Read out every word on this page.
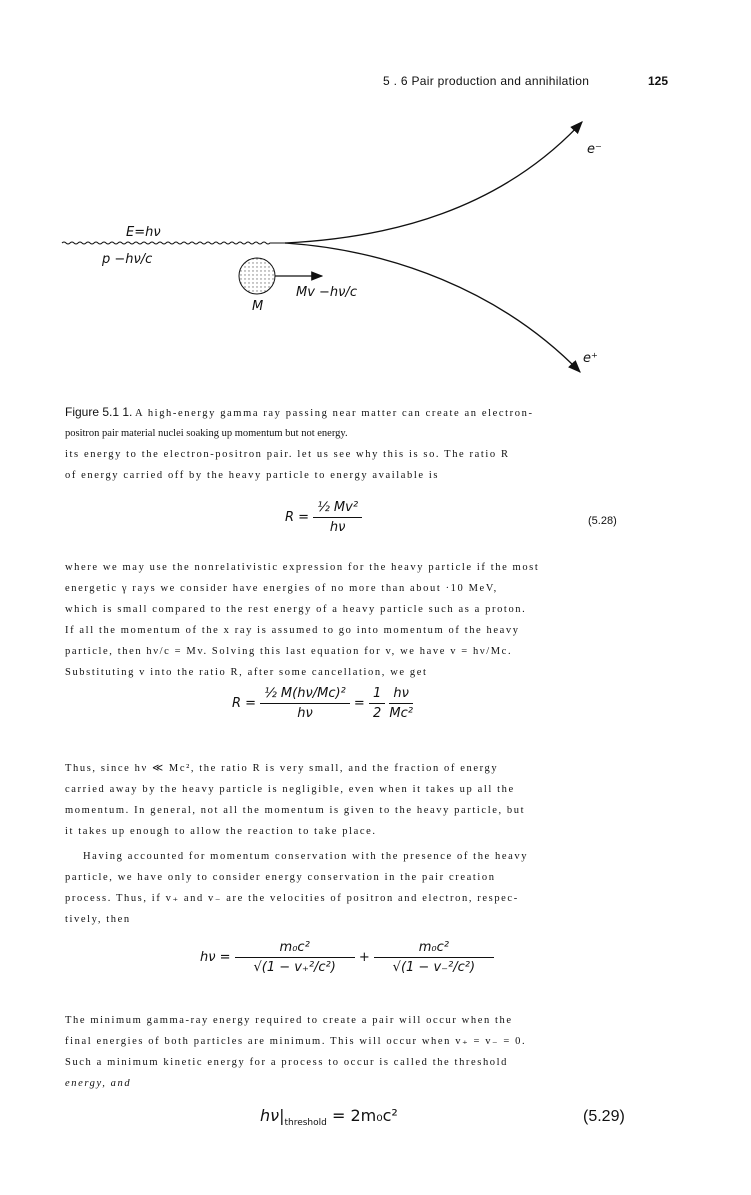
5 . 6 Pair production and annihilation	125
E=hν
p −hν/c
M
Mv −hν/c
e⁻
e⁺
Figure 5.1 1. A high-energy gamma ray passing near matter can create an electron-
positron pair material nuclei soaking up momentum but not energy.
its energy to the electron-positron pair. let us see why this is so. The ratio R
of energy carried off by the heavy particle to energy available is
$R = \frac{\text{½ Mv²}}{h\nu}$	(5.28)
where we may use the nonrelativistic expression for the heavy particle if the most
energetic γ rays we consider have energies of no more than about ·10 MeV,
which is small compared to the rest energy of a heavy particle such as a proton.
If all the momentum of the x ray is assumed to go into momentum of the heavy
particle, then hν/c = Mv. Solving this last equation for v, we have v = hν/Mc.
Substituting v into the ratio R, after some cancellation, we get
$R = \frac{\text{½ M(hν/Mc)²}}{h\nu} = \frac{1}{2}$
$\frac{h\nu}{\text{Mc²}}$
Thus, since hν ≪ Mc², the ratio R is very small, and the fraction of energy
carried away by the heavy particle is negligible, even when it takes up all the
momentum. In general, not all the momentum is given to the heavy particle, but
it takes up enough to allow the reaction to take place.
Having accounted for momentum conservation with the presence of the heavy
particle, we have only to consider energy conservation in the pair creation
process. Thus, if v₊ and v₋ are the velocities of positron and electron, respec-
tively, then
$h\nu = \frac{\text{m₀c²}}{\text{√(1 − v₊²/c²)}} + \frac{\text{m₀c²}}{\text{√(1 − v₋²/c²)}}$
The minimum gamma-ray energy required to create a pair will occur when the
final energies of both particles are minimum. This will occur when v₊ = v₋ = 0.
Such a minimum kinetic energy for a process to occur is called the threshold
energy, and
$h\nu|_{threshold} = 2m_0c^2$	(5.29)
